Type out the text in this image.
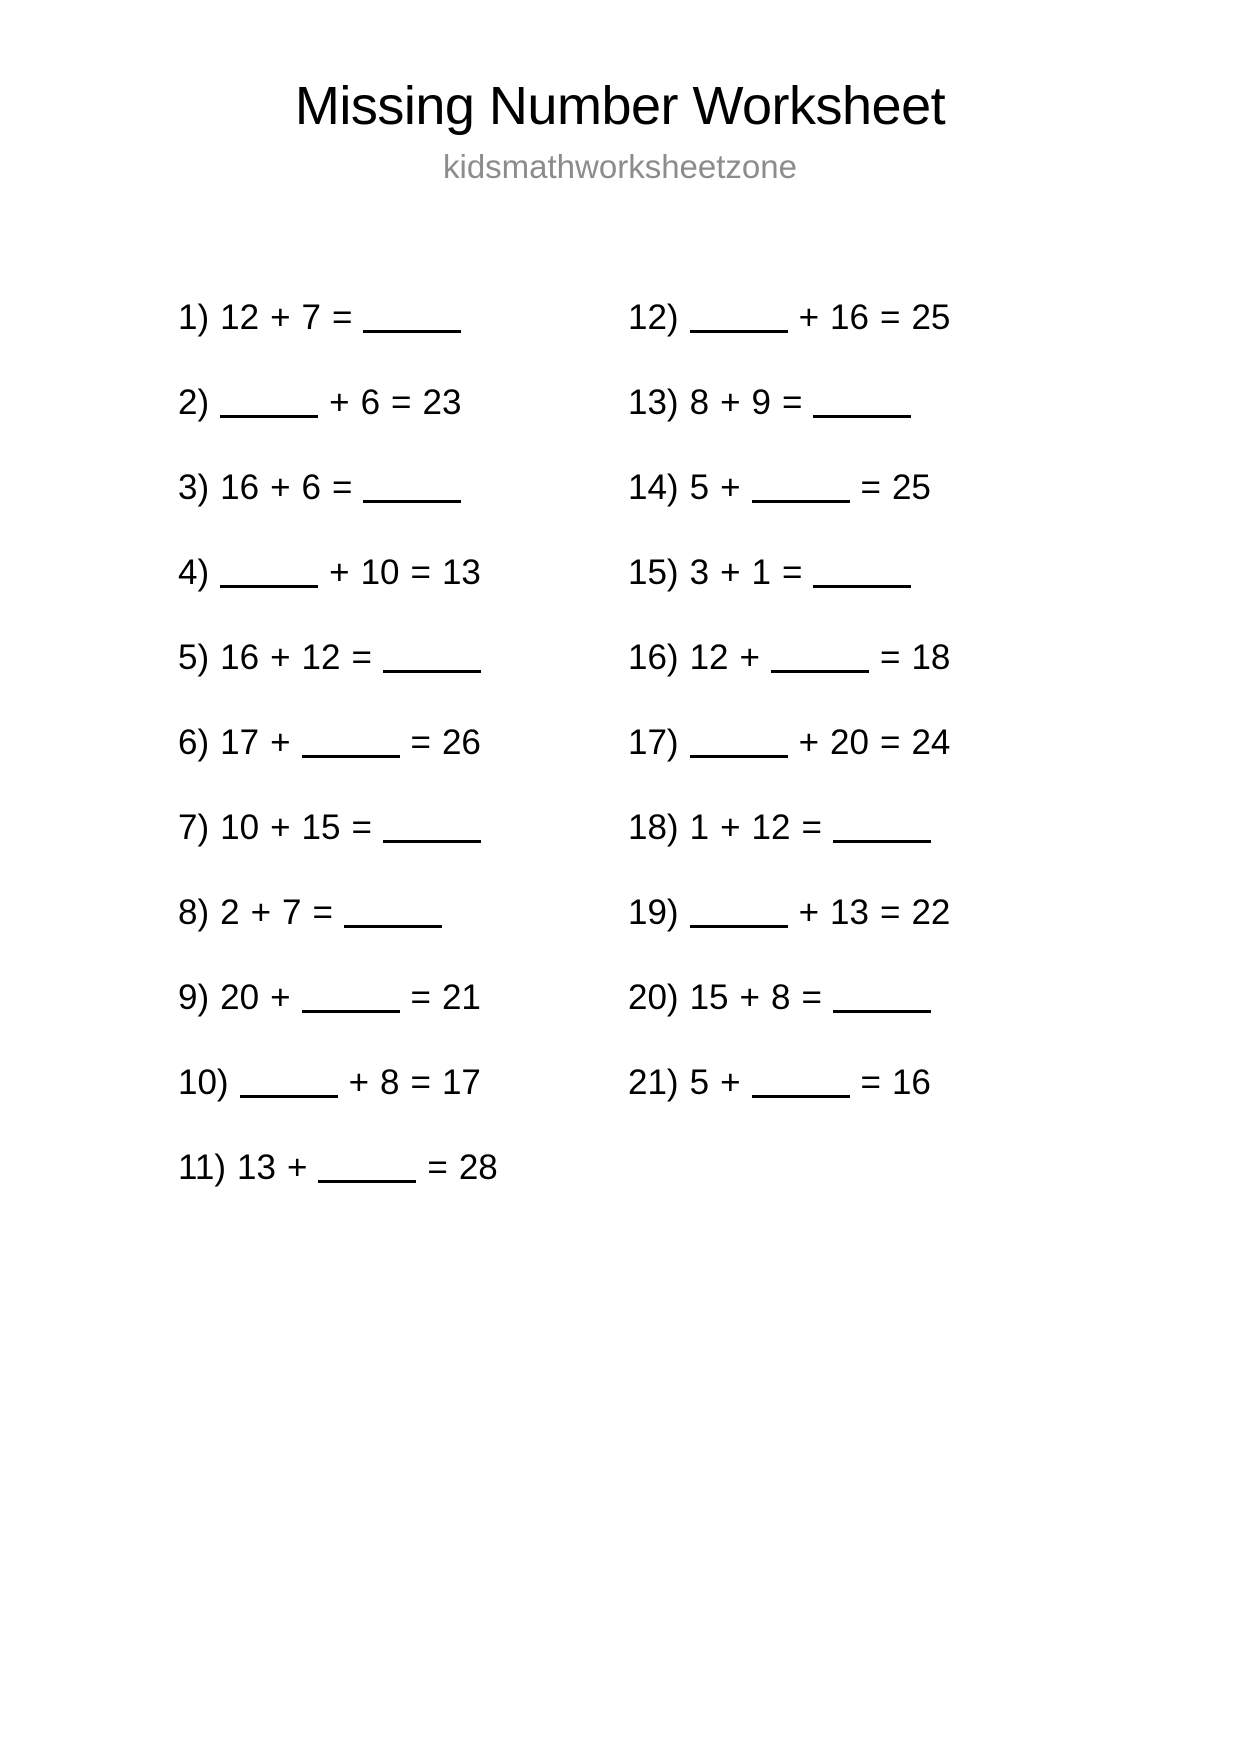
Missing Number Worksheet

kidsmathworksheetzone

1) 12 + 7 =
2)	+ 6 = 23
3) 16 + 6 =
4)	+ 10 = 13
5) 16 + 12 =
6) 17 +	= 26
7) 10 + 15 =
8) 2 + 7 =
9) 20 +	= 21
10)	+ 8 = 17
11) 13 +	= 28
12)	+ 16 = 25
13) 8 + 9 =
14) 5 +	= 25
15) 3 + 1 =
16) 12 +	= 18
17)	+ 20 = 24
18) 1 + 12 =
19)	+ 13 = 22
20) 15 + 8 =
21) 5 +	= 16
